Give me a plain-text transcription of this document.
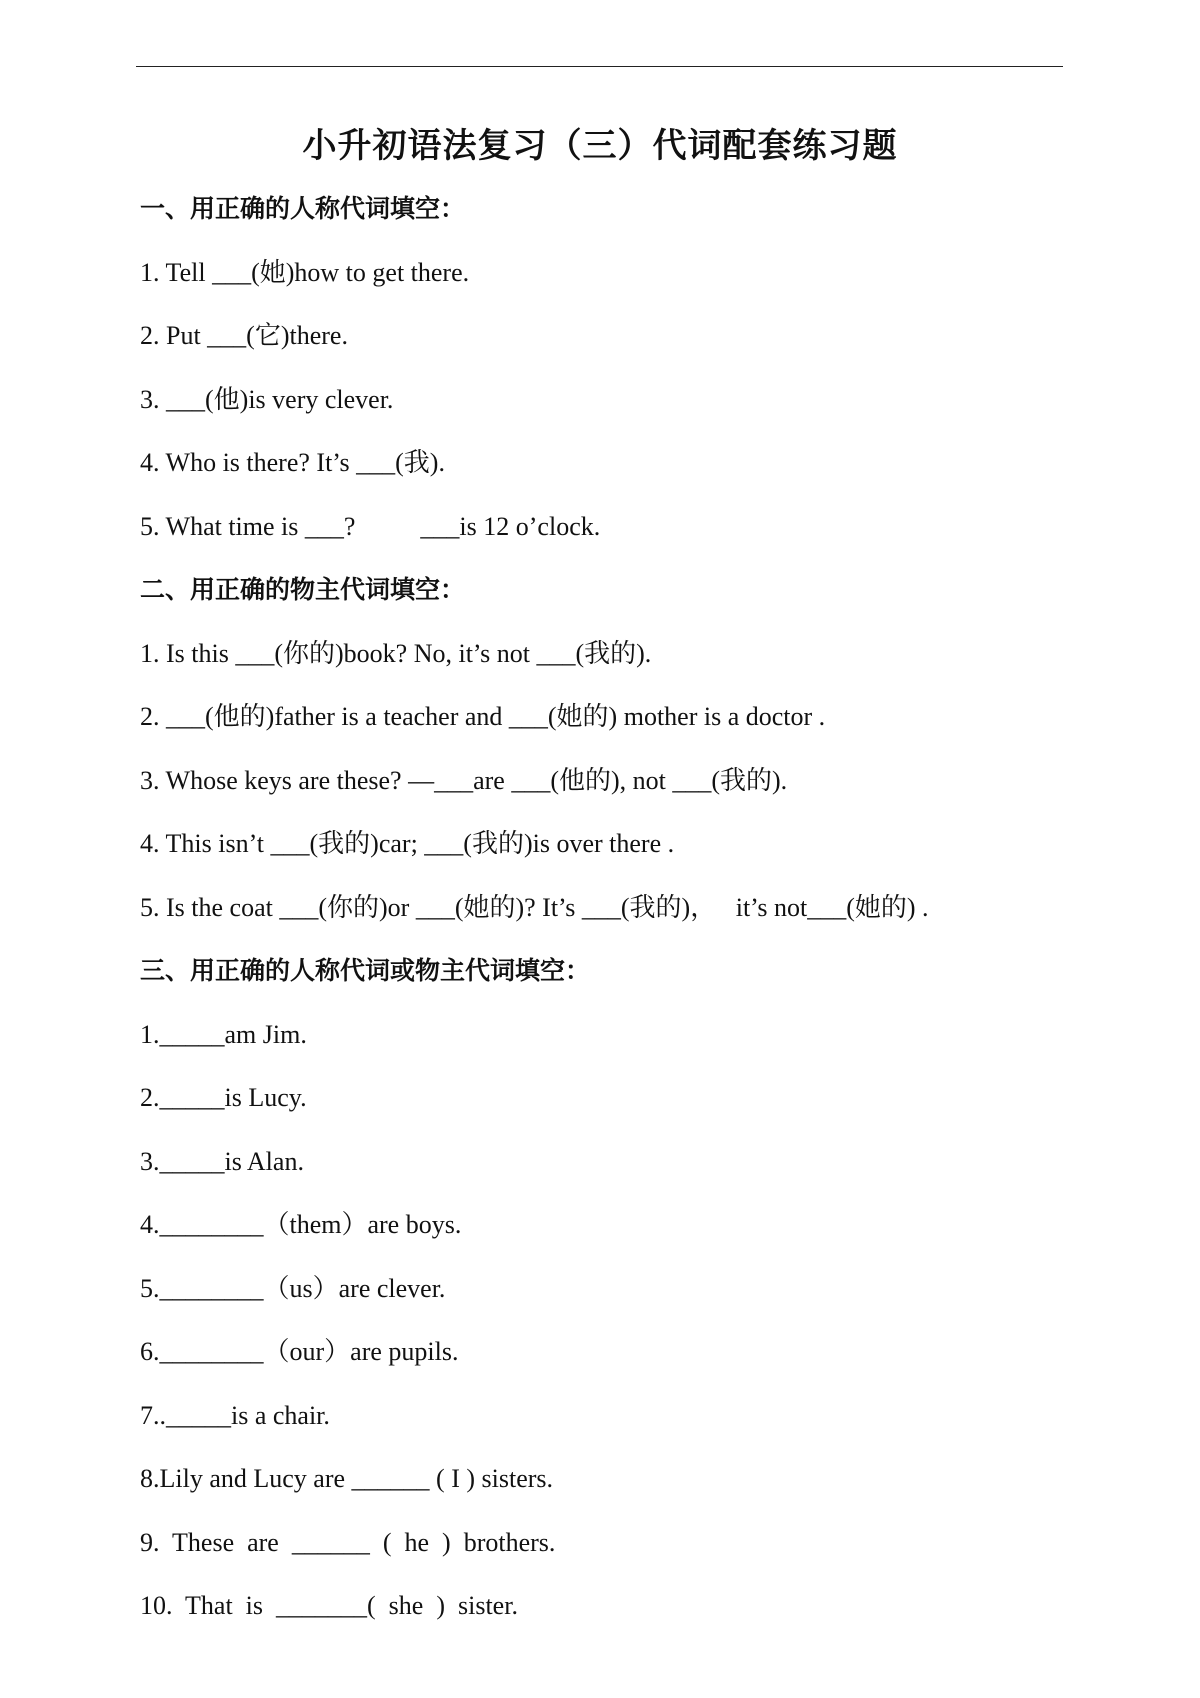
小升初语法复习（三）代词配套练习题
一、用正确的人称代词填空：
1. Tell ___(她)how to get there.
2. Put ___(它)there.
3. ___(他)is very clever.
4. Who is there? It’s ___(我).
5. What time is ___?          ___is 12 o’clock.
二、用正确的物主代词填空：
1. Is this ___(你的)book? No, it’s not ___(我的).
2. ___(他的)father is a teacher and ___(她的) mother is a doctor .
3. Whose keys are these? —___are ___(他的), not ___(我的).
4. This isn’t ___(我的)car; ___(我的)is over there .
5. Is the coat ___(你的)or ___(她的)? It’s ___(我的)，   it’s not___(她的) .
三、用正确的人称代词或物主代词填空：
1._____am Jim.
2._____is Lucy.
3._____is Alan.
4.________（them）are boys.
5.________（us）are clever.
6.________（our）are pupils.
7.._____is a chair.
8.Lily and Lucy are ______ ( I ) sisters.
9.  These  are  ______  (  he  )  brothers.
10.  That  is  _______(  she  )  sister.
